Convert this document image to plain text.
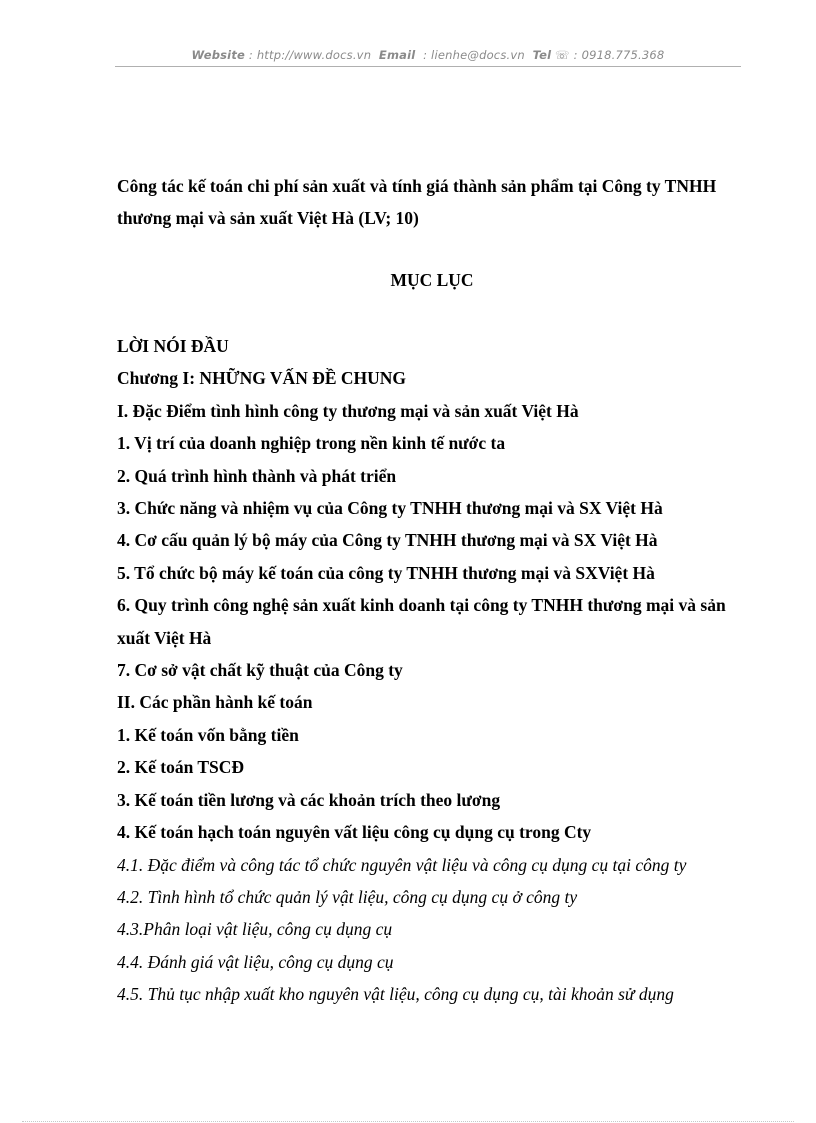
Website : http://www.docs.vn Email  : lienhe@docs.vn Tel ☏ : 0918.775.368
Công tác kế toán chi phí sản xuất và tính giá thành sản phẩm tại Công ty TNHH thương mại và sản xuất Việt Hà (LV; 10)
MỤC LỤC
LỜI NÓI ĐẦU
Chương I: NHỮNG VẤN ĐỀ CHUNG
I. Đặc Điểm tình hình công ty thương mại và sản xuất Việt Hà
1. Vị trí của doanh nghiệp trong nền kinh tế nước ta
2. Quá trình hình thành và phát triển
3. Chức năng và nhiệm vụ của Công ty TNHH thương mại và SX Việt Hà
4. Cơ cấu quản lý bộ máy của Công ty TNHH thương mại và SX Việt Hà
5. Tổ chức bộ máy kế toán của công ty TNHH thương mại và SXViệt Hà
6. Quy trình công nghệ sản xuất kinh doanh tại công ty TNHH thương mại và sản xuất Việt Hà
7. Cơ sở vật chất kỹ thuật của Công ty
II. Các phần hành kế toán
1. Kế toán vốn bằng tiền
2. Kế toán TSCĐ
3. Kế toán tiền lương và các khoản trích theo lương
4. Kế toán hạch toán nguyên vất liệu công cụ dụng cụ trong Cty
4.1. Đặc điểm và công tác tổ chức nguyên vật liệu và công cụ dụng cụ tại công ty
4.2. Tình hình tổ chức quản lý vật liệu, công cụ dụng cụ ở công ty
4.3.Phân loại vật liệu, công cụ dụng cụ
4.4. Đánh giá vật liệu, công cụ dụng cụ
4.5. Thủ tục nhập xuất kho nguyên vật liệu, công cụ dụng cụ, tài khoản sử dụng
